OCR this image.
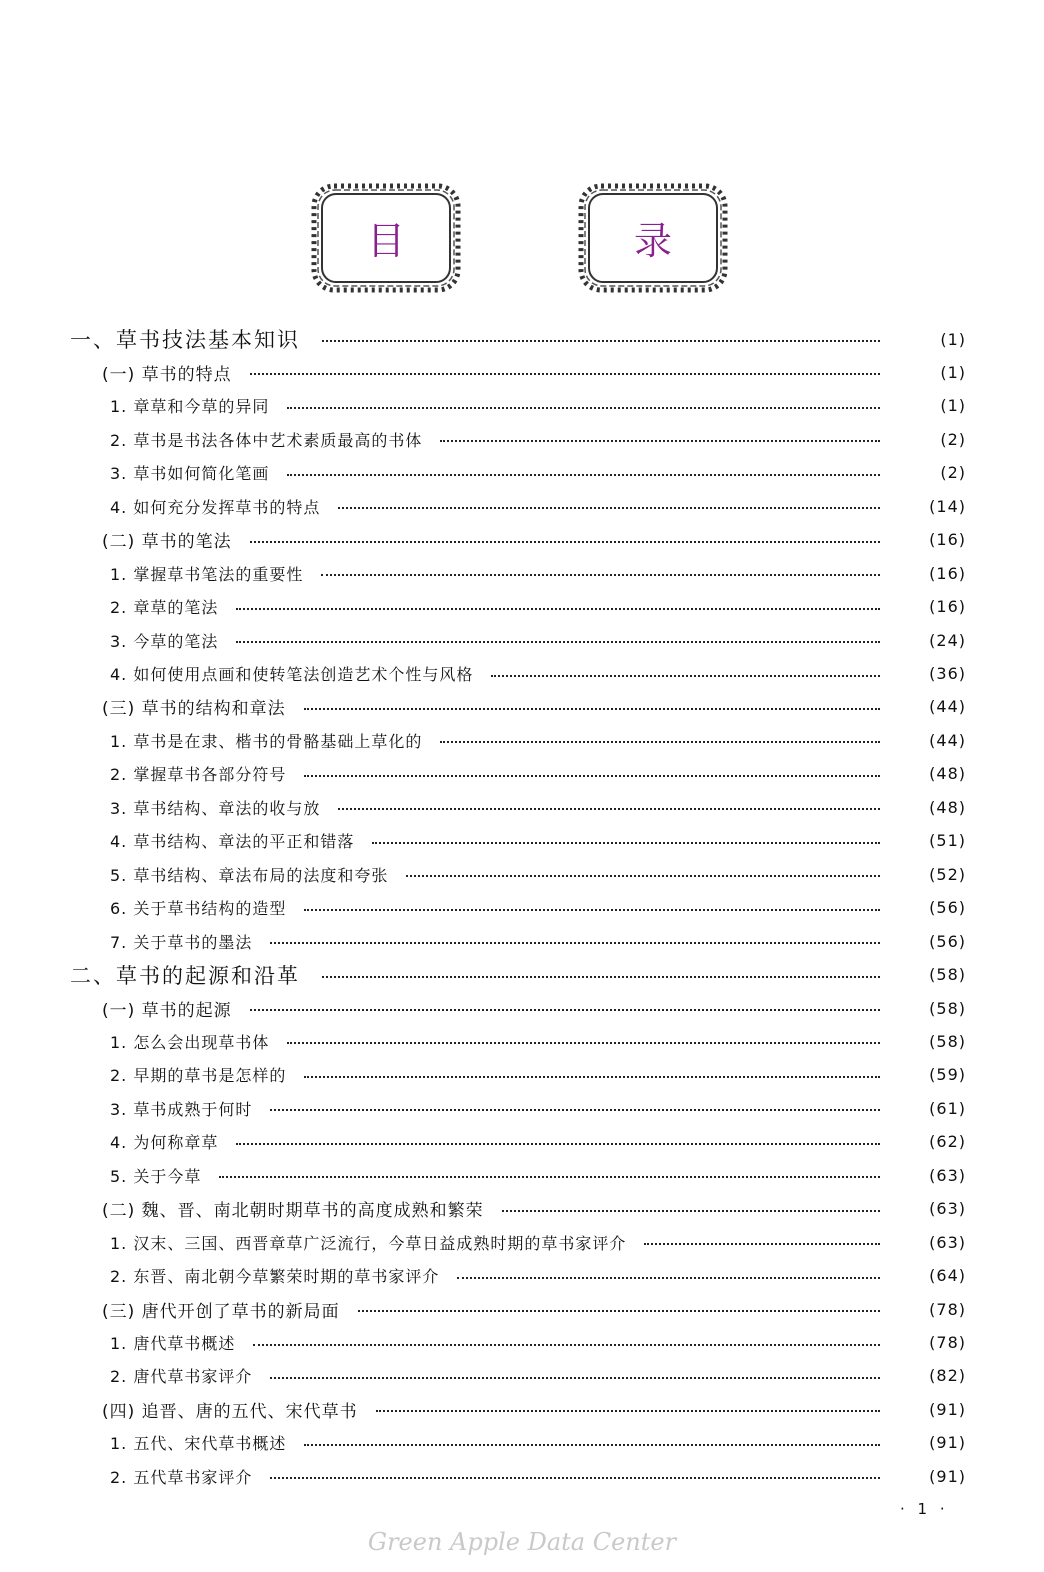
目	录
一、草书技法基本知识	(1)
(一) 草书的特点	(1)
1. 章草和今草的异同	(1)
2. 草书是书法各体中艺术素质最高的书体	(2)
3. 草书如何简化笔画	(2)
4. 如何充分发挥草书的特点	(14)
(二) 草书的笔法	(16)
1. 掌握草书笔法的重要性	(16)
2. 章草的笔法	(16)
3. 今草的笔法	(24)
4. 如何使用点画和使转笔法创造艺术个性与风格	(36)
(三) 草书的结构和章法	(44)
1. 草书是在隶、楷书的骨骼基础上草化的	(44)
2. 掌握草书各部分符号	(48)
3. 草书结构、章法的收与放	(48)
4. 草书结构、章法的平正和错落	(51)
5. 草书结构、章法布局的法度和夸张	(52)
6. 关于草书结构的造型	(56)
7. 关于草书的墨法	(56)
二、草书的起源和沿革	(58)
(一) 草书的起源	(58)
1. 怎么会出现草书体	(58)
2. 早期的草书是怎样的	(59)
3. 草书成熟于何时	(61)
4. 为何称章草	(62)
5. 关于今草	(63)
(二) 魏、晋、南北朝时期草书的高度成熟和繁荣	(63)
1. 汉末、三国、西晋章草广泛流行，今草日益成熟时期的草书家评介	(63)
2. 东晋、南北朝今草繁荣时期的草书家评介	(64)
(三) 唐代开创了草书的新局面	(78)
1. 唐代草书概述	(78)
2. 唐代草书家评介	(82)
(四) 追晋、唐的五代、宋代草书	(91)
1. 五代、宋代草书概述	(91)
2. 五代草书家评介	(91)
· 1 ·
Green Apple Data Center
